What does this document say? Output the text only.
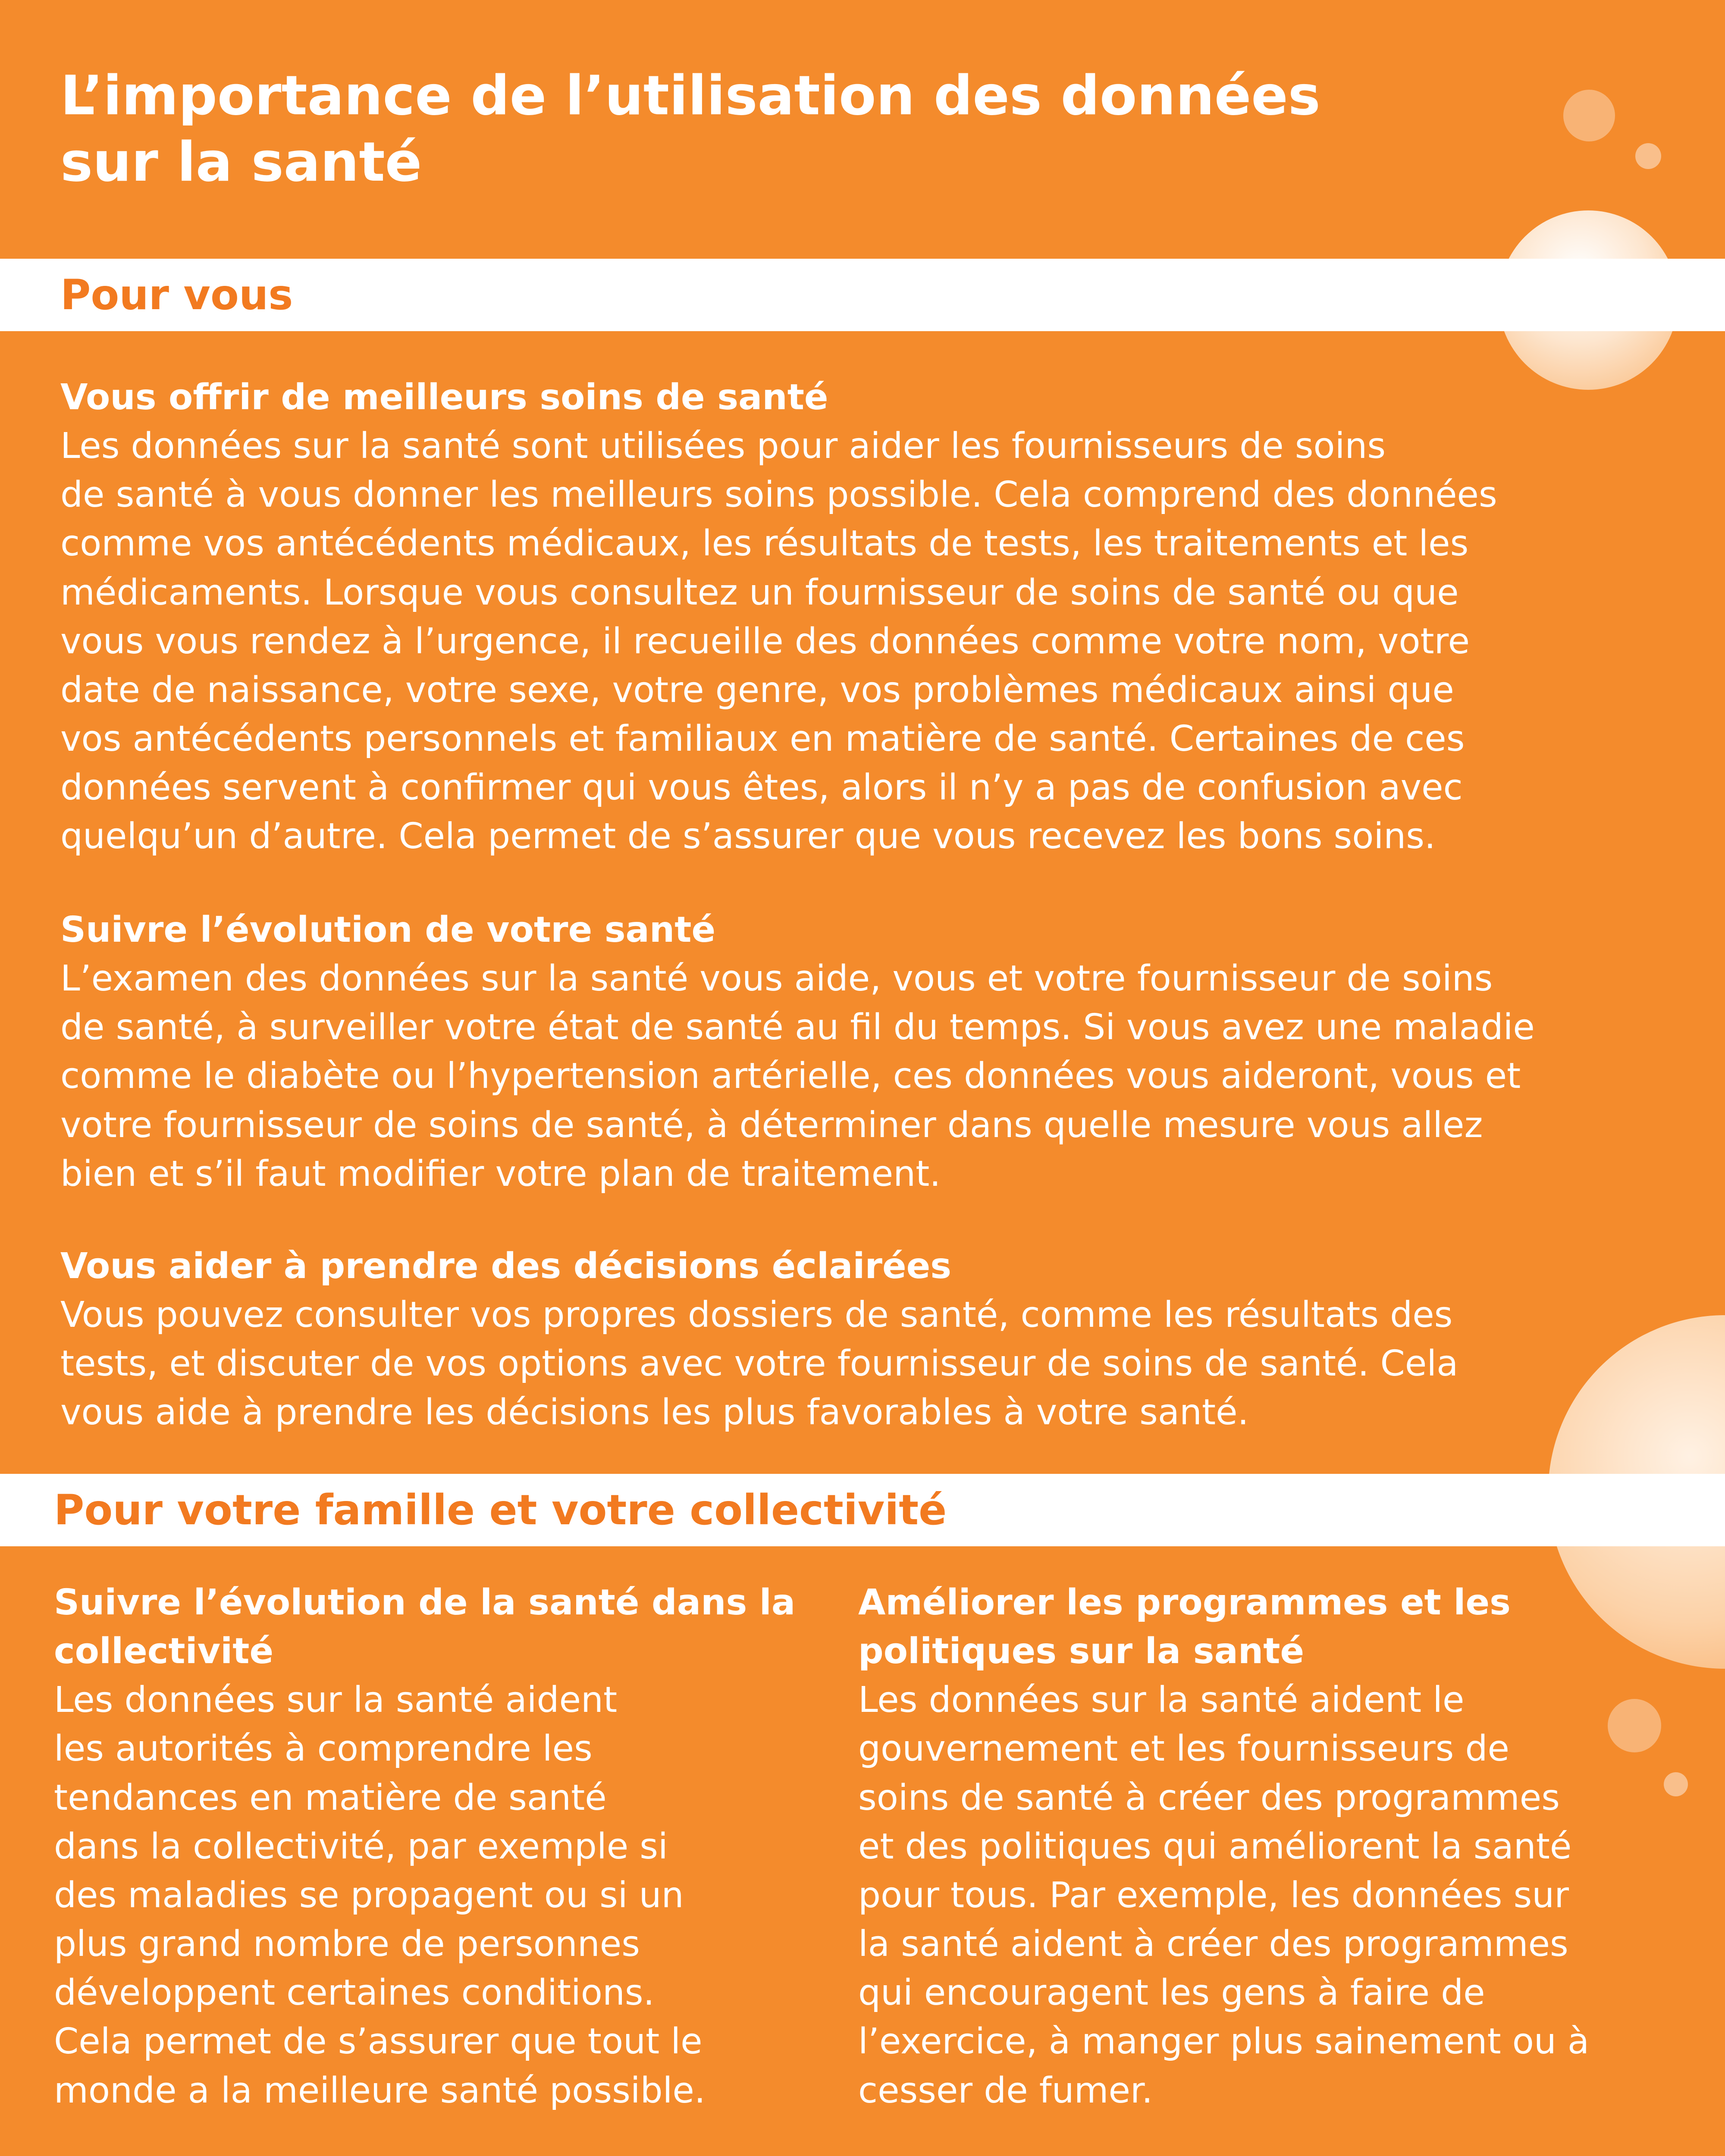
L’importance de l’utilisation des données
sur la santé
Pour vous
Vous offrir de meilleurs soins de santé

Les données sur la santé sont utilisées pour aider les fournisseurs de soins
de santé à vous donner les meilleurs soins possible. Cela comprend des données
comme vos antécédents médicaux, les résultats de tests, les traitements et les
médicaments. Lorsque vous consultez un fournisseur de soins de santé ou que
vous vous rendez à l’urgence, il recueille des données comme votre nom, votre
date de naissance, votre sexe, votre genre, vos problèmes médicaux ainsi que
vos antécédents personnels et familiaux en matière de santé. Certaines de ces
données servent à confirmer qui vous êtes, alors il n’y a pas de confusion avec
quelqu’un d’autre. Cela permet de s’assurer que vous recevez les bons soins.

Suivre l’évolution de votre santé

L’examen des données sur la santé vous aide, vous et votre fournisseur de soins
de santé, à surveiller votre état de santé au fil du temps. Si vous avez une maladie
comme le diabète ou l’hypertension artérielle, ces données vous aideront, vous et
votre fournisseur de soins de santé, à déterminer dans quelle mesure vous allez
bien et s’il faut modifier votre plan de traitement.

Vous aider à prendre des décisions éclairées

Vous pouvez consulter vos propres dossiers de santé, comme les résultats des
tests, et discuter de vos options avec votre fournisseur de soins de santé. Cela
vous aide à prendre les décisions les plus favorables à votre santé.

Pour votre famille et votre collectivité
Suivre l’évolution de la santé dans la
collectivité

Les données sur la santé aident
les autorités à comprendre les
tendances en matière de santé
dans la collectivité, par exemple si
des maladies se propagent ou si un
plus grand nombre de personnes
développent certaines conditions.
Cela permet de s’assurer que tout le
monde a la meilleure santé possible.

Améliorer les programmes et les
politiques sur la santé

Les données sur la santé aident le
gouvernement et les fournisseurs de
soins de santé à créer des programmes
et des politiques qui améliorent la santé
pour tous. Par exemple, les données sur
la santé aident à créer des programmes
qui encouragent les gens à faire de
l’exercice, à manger plus sainement ou à
cesser de fumer.
